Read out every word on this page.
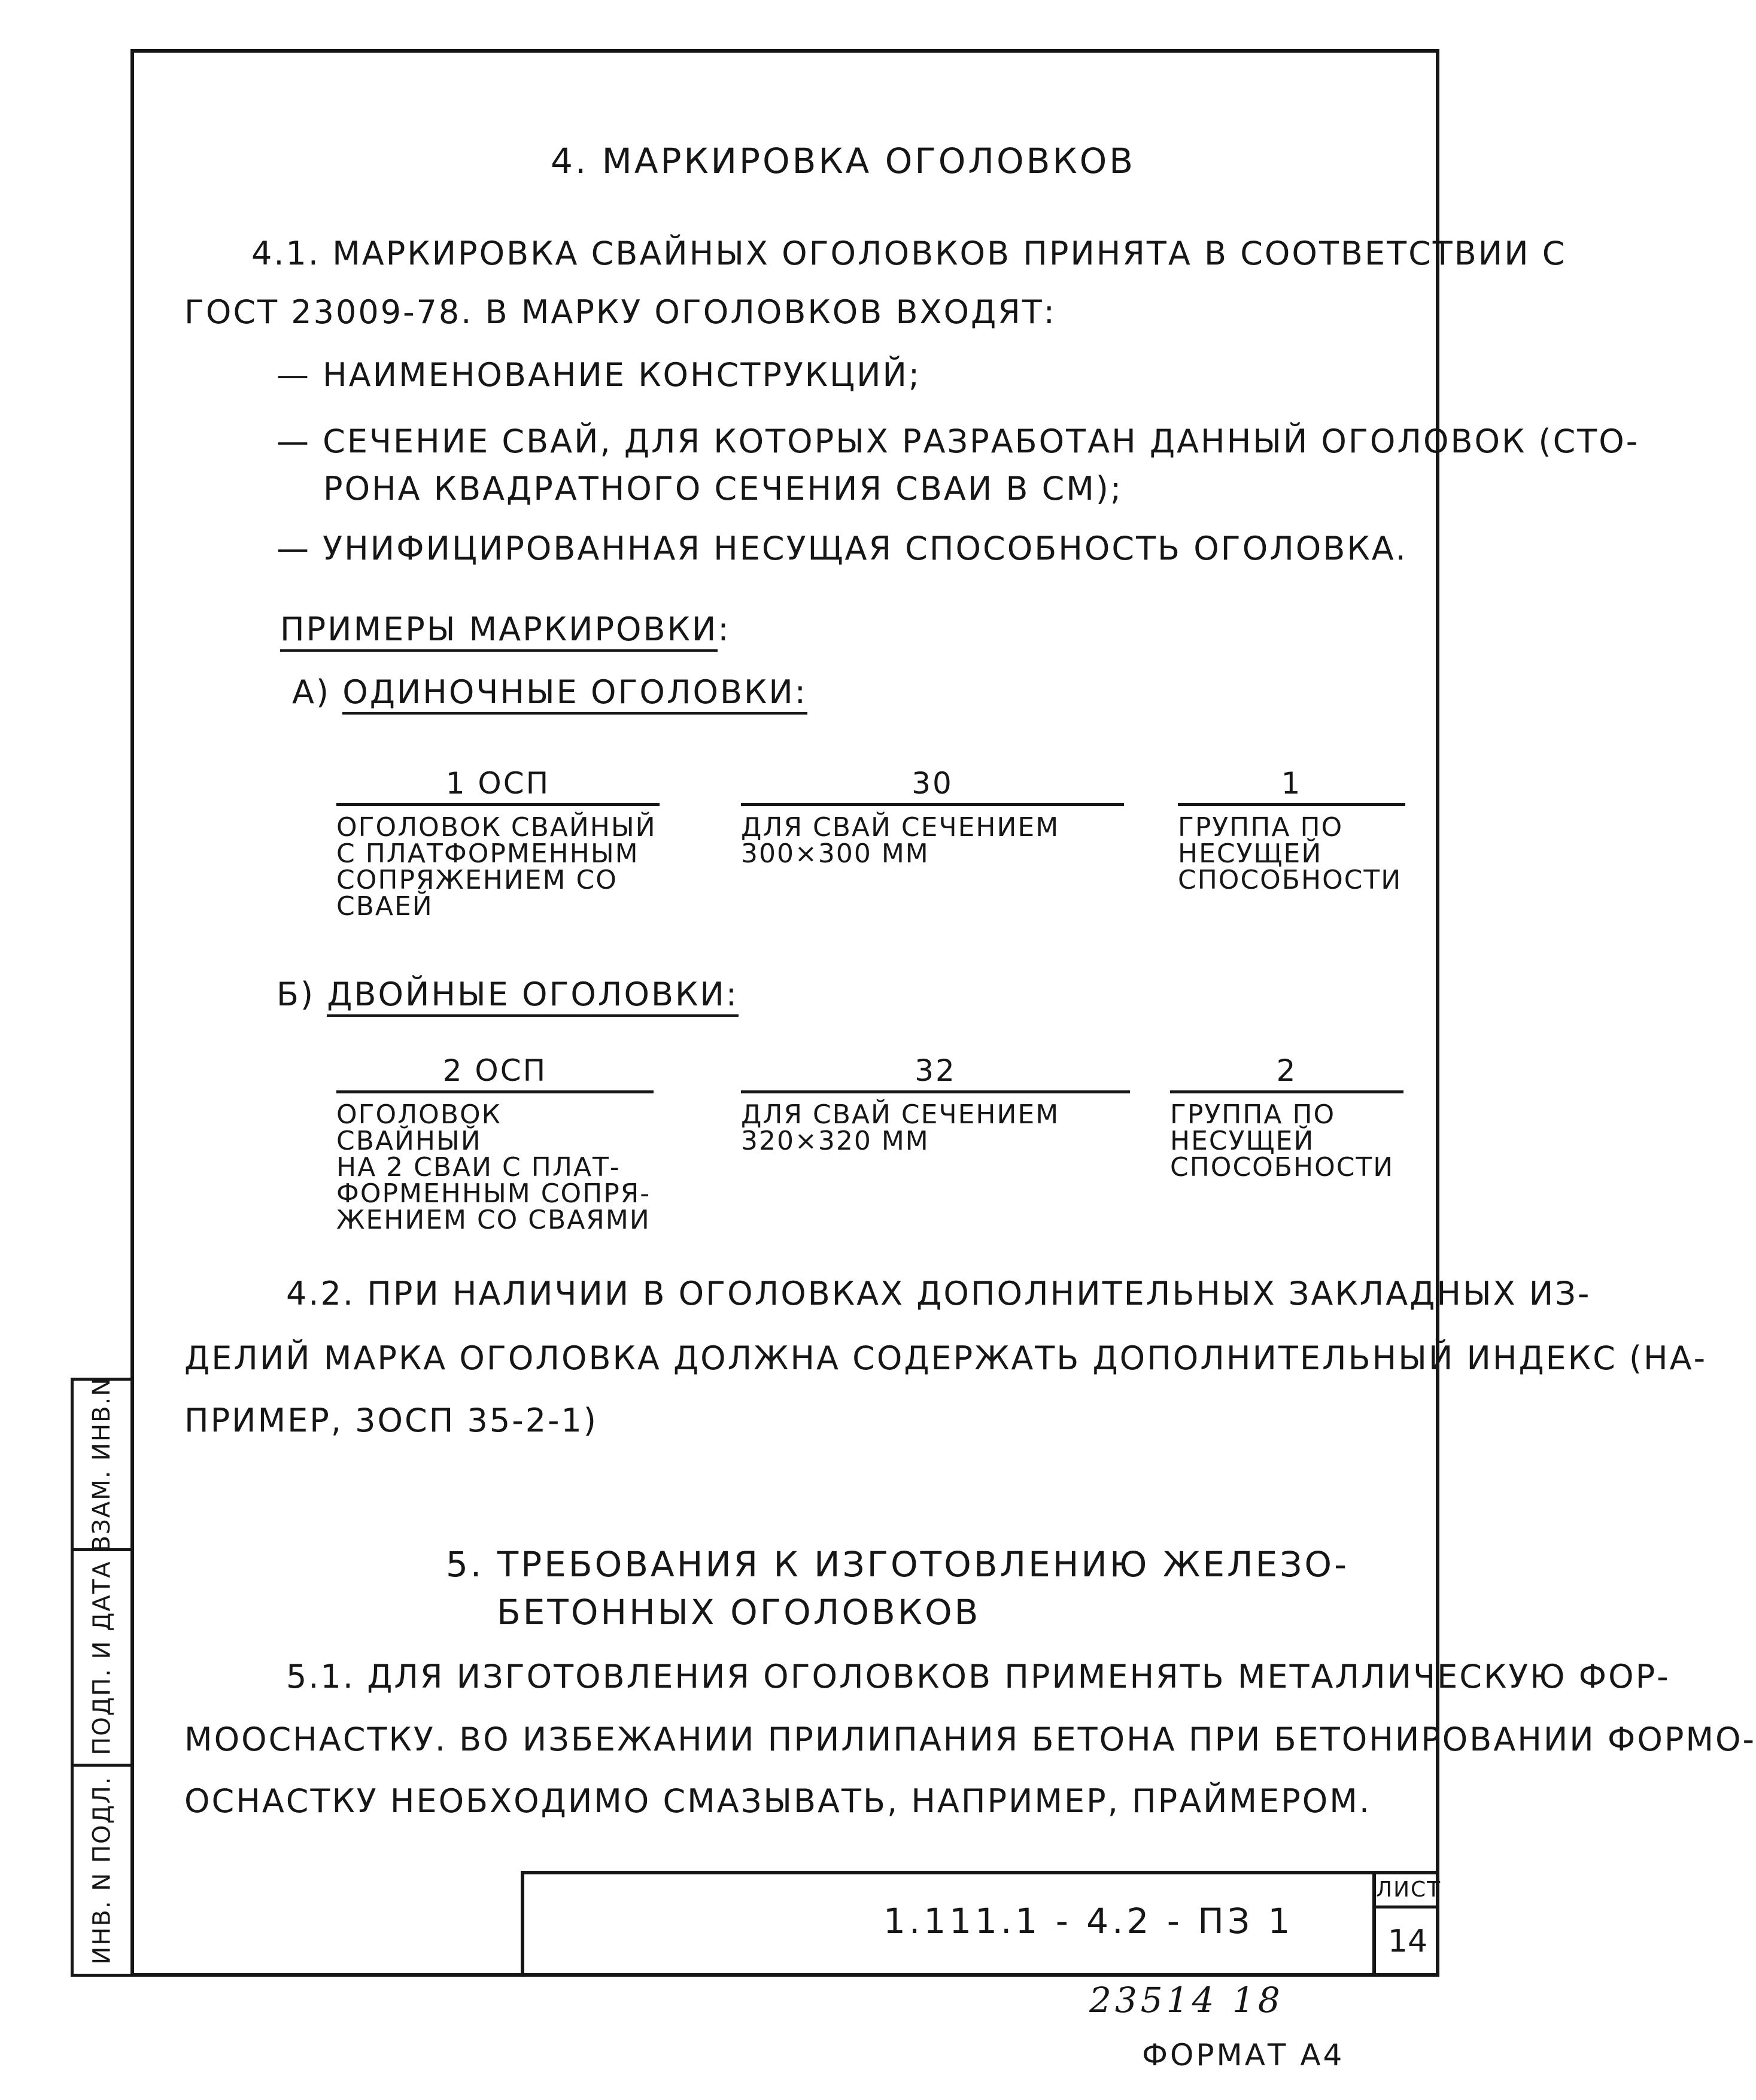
ВЗАМ. ИНВ.N
ПОДП. И ДАТА
ИНВ. N ПОДЛ.
4. МАРКИРОВКА ОГОЛОВКОВ
4.1. МАРКИРОВКА СВАЙНЫХ ОГОЛОВКОВ ПРИНЯТА В СООТВЕТСТВИИ С
ГОСТ 23009-78. В МАРКУ ОГОЛОВКОВ ВХОДЯТ:
— НАИМЕНОВАНИЕ КОНСТРУКЦИЙ;
— СЕЧЕНИЕ СВАЙ, ДЛЯ КОТОРЫХ РАЗРАБОТАН ДАННЫЙ ОГОЛОВОК (СТО-
РОНА КВАДРАТНОГО СЕЧЕНИЯ СВАИ В СМ);
— УНИФИЦИРОВАННАЯ НЕСУЩАЯ СПОСОБНОСТЬ ОГОЛОВКА.
ПРИМЕРЫ МАРКИРОВКИ:
А) ОДИНОЧНЫЕ ОГОЛОВКИ:
1 ОСП
ОГОЛОВОК СВАЙНЫЙ
С ПЛАТФОРМЕННЫМ
СОПРЯЖЕНИЕМ СО
СВАЕЙ
30
ДЛЯ СВАЙ СЕЧЕНИЕМ
300×300 ММ
1
ГРУППА ПО
НЕСУЩЕЙ
СПОСОБНОСТИ
Б) ДВОЙНЫЕ ОГОЛОВКИ:
2 ОСП
ОГОЛОВОК СВАЙНЫЙ
НА 2 СВАИ С ПЛАТ-
ФОРМЕННЫМ СОПРЯ-
ЖЕНИЕМ СО СВАЯМИ
32
ДЛЯ СВАЙ СЕЧЕНИЕМ
320×320 ММ
2
ГРУППА ПО
НЕСУЩЕЙ
СПОСОБНОСТИ
4.2. ПРИ НАЛИЧИИ В ОГОЛОВКАХ ДОПОЛНИТЕЛЬНЫХ ЗАКЛАДНЫХ ИЗ-
ДЕЛИЙ МАРКА ОГОЛОВКА ДОЛЖНА СОДЕРЖАТЬ ДОПОЛНИТЕЛЬНЫЙ ИНДЕКС (НА-
ПРИМЕР, 3ОСП 35-2-1)
5. ТРЕБОВАНИЯ К ИЗГОТОВЛЕНИЮ ЖЕЛЕЗО-
БЕТОННЫХ ОГОЛОВКОВ
5.1. ДЛЯ ИЗГОТОВЛЕНИЯ ОГОЛОВКОВ ПРИМЕНЯТЬ МЕТАЛЛИЧЕСКУЮ ФОР-
МООСНАСТКУ. ВО ИЗБЕЖАНИИ ПРИЛИПАНИЯ БЕТОНА ПРИ БЕТОНИРОВАНИИ ФОРМО-
ОСНАСТКУ НЕОБХОДИМО СМАЗЫВАТЬ, НАПРИМЕР, ПРАЙМЕРОМ.
1.111.1 - 4.2 - ПЗ 1
ЛИСТ
14
23514 18
ФОРМАТ А4
